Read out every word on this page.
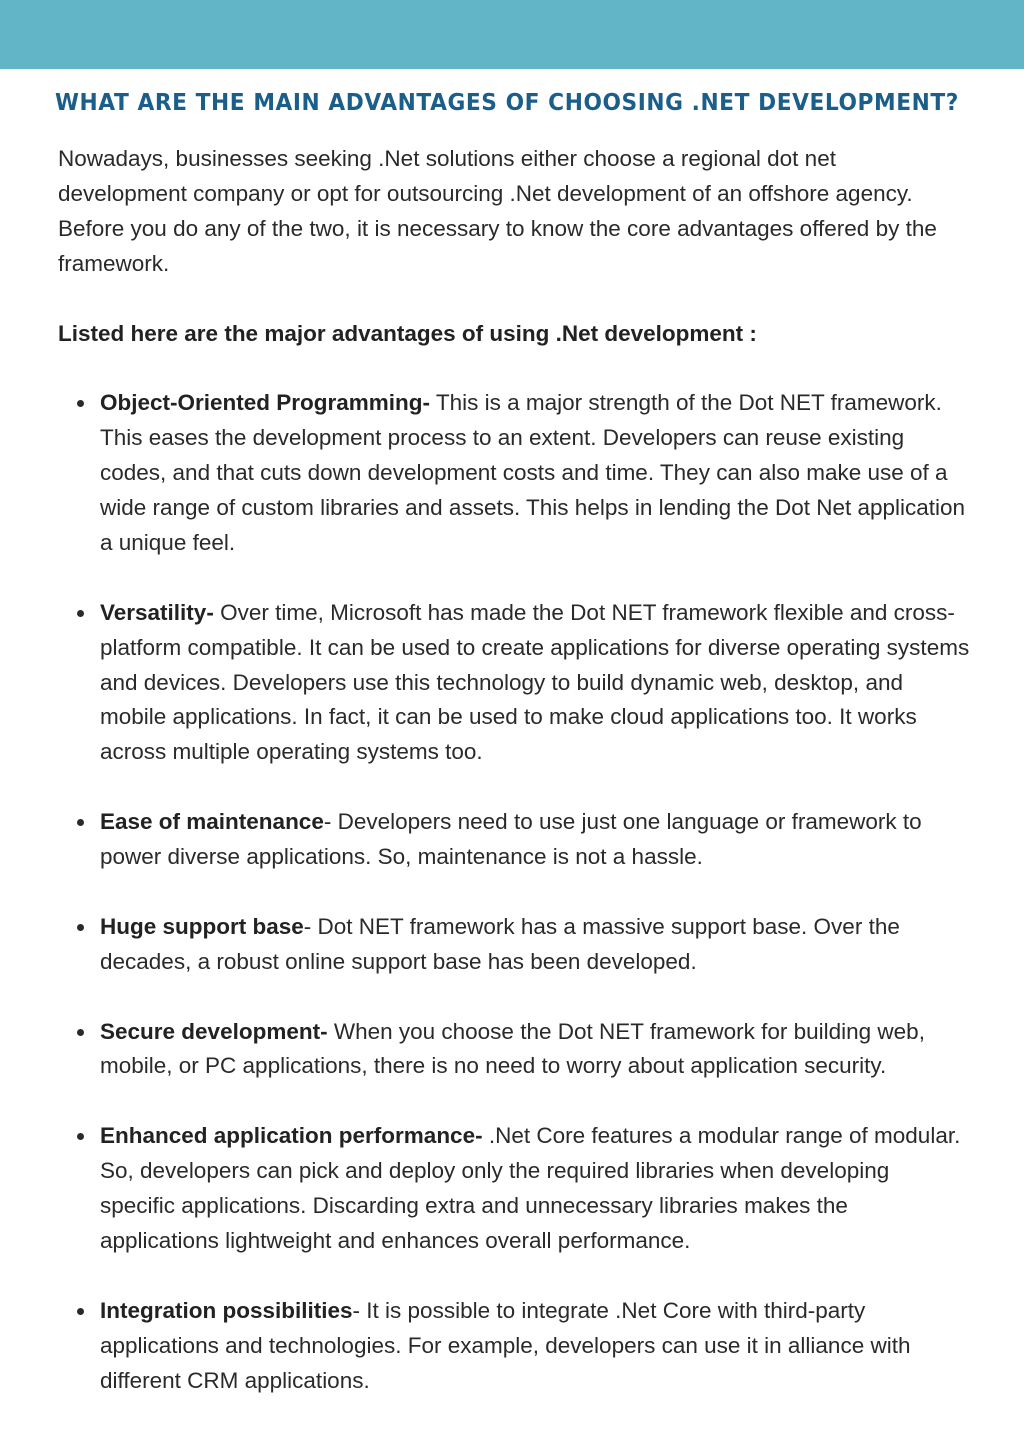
WHAT ARE THE MAIN ADVANTAGES OF CHOOSING .NET DEVELOPMENT?

Nowadays, businesses seeking .Net solutions either choose a regional dot net development company or opt for outsourcing .Net development of an offshore agency. Before you do any of the two, it is necessary to know the core advantages offered by the framework.

Listed here are the major advantages of using .Net development :

Object-Oriented Programming- This is a major strength of the Dot NET framework. This eases the development process to an extent. Developers can reuse existing codes, and that cuts down development costs and time. They can also make use of a wide range of custom libraries and assets. This helps in lending the Dot Net application a unique feel.
Versatility- Over time, Microsoft has made the Dot NET framework flexible and cross-platform compatible. It can be used to create applications for diverse operating systems and devices. Developers use this technology to build dynamic web, desktop, and mobile applications. In fact, it can be used to make cloud applications too. It works across multiple operating systems too.
Ease of maintenance- Developers need to use just one language or framework to power diverse applications. So, maintenance is not a hassle.
Huge support base- Dot NET framework has a massive support base. Over the decades, a robust online support base has been developed.
Secure development- When you choose the Dot NET framework for building web, mobile, or PC applications, there is no need to worry about application security.
Enhanced application performance- .Net Core features a modular range of modular. So, developers can pick and deploy only the required libraries when developing specific applications. Discarding extra and unnecessary libraries makes the applications lightweight and enhances overall performance.
Integration possibilities- It is possible to integrate .Net Core with third-party applications and technologies. For example, developers can use it in alliance with different CRM applications.
